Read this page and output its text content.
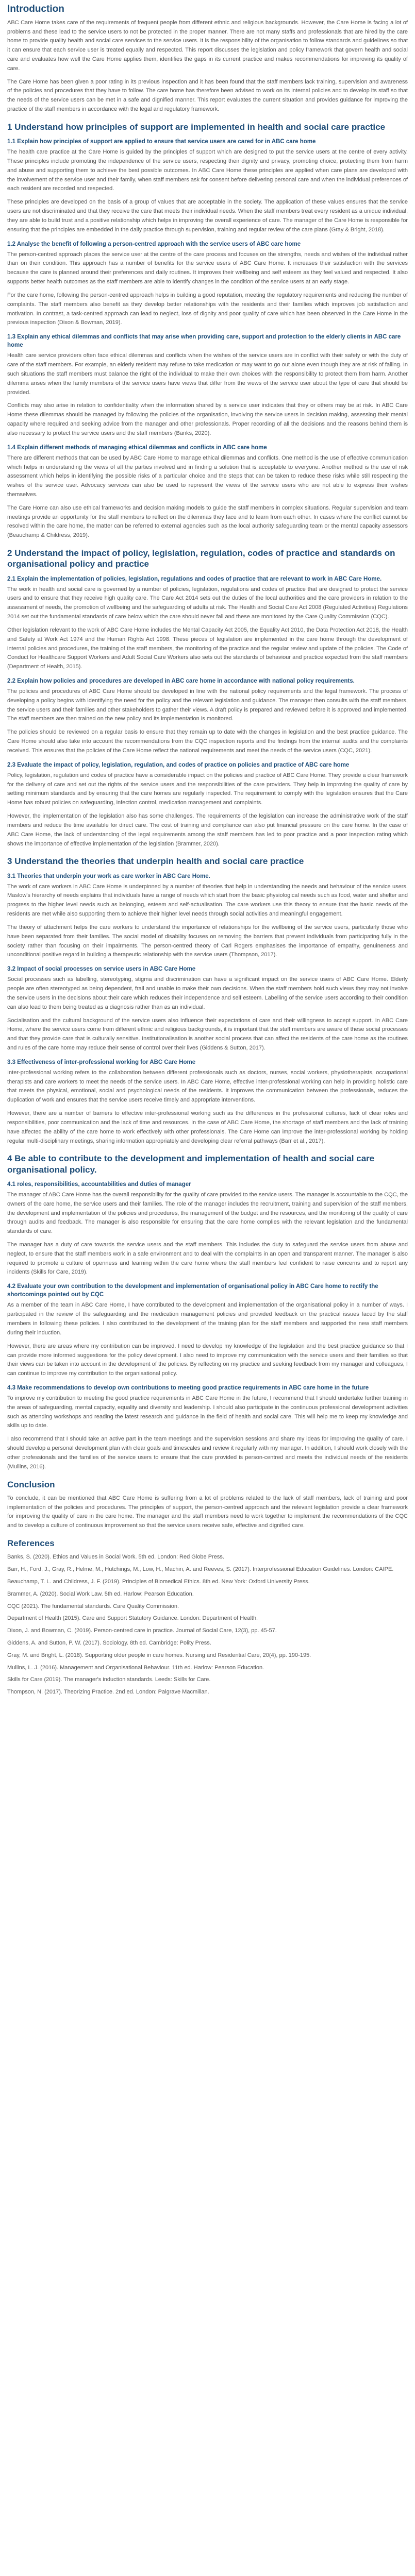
Introduction

ABC Care Home takes care of the requirements of frequent people from different ethnic and religious backgrounds. However, the Care Home is facing a lot of problems and these lead to the service users to not be protected in the proper manner. There are not many staffs and professionals that are hired by the care home to provide quality health and social care services to the service users. It is the responsibility of the organisation to follow standards and guidelines so that it can ensure that each service user is treated equally and respected. This report discusses the legislation and policy framework that govern health and social care and evaluates how well the Care Home applies them, identifies the gaps in its current practice and makes recommendations for improving its quality of care.

The Care Home has been given a poor rating in its previous inspection and it has been found that the staff members lack training, supervision and awareness of the policies and procedures that they have to follow. The care home has therefore been advised to work on its internal policies and to develop its staff so that the needs of the service users can be met in a safe and dignified manner. This report evaluates the current situation and provides guidance for improving the practice of the staff members in accordance with the legal and regulatory framework.

1 Understand how principles of support are implemented in health and social care practice
1.1 Explain how principles of support are applied to ensure that service users are cared for in ABC care home

The health care practice at the Care Home is guided by the principles of support which are designed to put the service users at the centre of every activity. These principles include promoting the independence of the service users, respecting their dignity and privacy, promoting choice, protecting them from harm and abuse and supporting them to achieve the best possible outcomes. In ABC Care Home these principles are applied when care plans are developed with the involvement of the service user and their family, when staff members ask for consent before delivering personal care and when the individual preferences of each resident are recorded and respected.

These principles are developed on the basis of a group of values that are acceptable in the society. The application of these values ensures that the service users are not discriminated and that they receive the care that meets their individual needs. When the staff members treat every resident as a unique individual, they are able to build trust and a positive relationship which helps in improving the overall experience of care. The manager of the Care Home is responsible for ensuring that the principles are embedded in the daily practice through supervision, training and regular review of the care plans (Gray & Bright, 2018).

1.2 Analyse the benefit of following a person-centred approach with the service users of ABC care home

The person-centred approach places the service user at the centre of the care process and focuses on the strengths, needs and wishes of the individual rather than on their condition. This approach has a number of benefits for the service users of ABC Care Home. It increases their satisfaction with the services because the care is planned around their preferences and daily routines. It improves their wellbeing and self esteem as they feel valued and respected. It also supports better health outcomes as the staff members are able to identify changes in the condition of the service users at an early stage.

For the care home, following the person-centred approach helps in building a good reputation, meeting the regulatory requirements and reducing the number of complaints. The staff members also benefit as they develop better relationships with the residents and their families which improves job satisfaction and motivation. In contrast, a task-centred approach can lead to neglect, loss of dignity and poor quality of care which has been observed in the Care Home in the previous inspection (Dixon & Bowman, 2019).

1.3 Explain any ethical dilemmas and conflicts that may arise when providing care, support and protection to the elderly clients in ABC care home

Health care service providers often face ethical dilemmas and conflicts when the wishes of the service users are in conflict with their safety or with the duty of care of the staff members. For example, an elderly resident may refuse to take medication or may want to go out alone even though they are at risk of falling. In such situations the staff members must balance the right of the individual to make their own choices with the responsibility to protect them from harm. Another dilemma arises when the family members of the service users have views that differ from the views of the service user about the type of care that should be provided.

Conflicts may also arise in relation to confidentiality when the information shared by a service user indicates that they or others may be at risk. In ABC Care Home these dilemmas should be managed by following the policies of the organisation, involving the service users in decision making, assessing their mental capacity where required and seeking advice from the manager and other professionals. Proper recording of all the decisions and the reasons behind them is also necessary to protect the service users and the staff members (Banks, 2020).

1.4 Explain different methods of managing ethical dilemmas and conflicts in ABC care home

There are different methods that can be used by ABC Care Home to manage ethical dilemmas and conflicts. One method is the use of effective communication which helps in understanding the views of all the parties involved and in finding a solution that is acceptable to everyone. Another method is the use of risk assessment which helps in identifying the possible risks of a particular choice and the steps that can be taken to reduce these risks while still respecting the wishes of the service user. Advocacy services can also be used to represent the views of the service users who are not able to express their wishes themselves.

The Care Home can also use ethical frameworks and decision making models to guide the staff members in complex situations. Regular supervision and team meetings provide an opportunity for the staff members to reflect on the dilemmas they face and to learn from each other. In cases where the conflict cannot be resolved within the care home, the matter can be referred to external agencies such as the local authority safeguarding team or the mental capacity assessors (Beauchamp & Childress, 2019).

2 Understand the impact of policy, legislation, regulation, codes of practice and standards on organisational policy and practice
2.1 Explain the implementation of policies, legislation, regulations and codes of practice that are relevant to work in ABC Care Home.

The work in health and social care is governed by a number of policies, legislation, regulations and codes of practice that are designed to protect the service users and to ensure that they receive high quality care. The Care Act 2014 sets out the duties of the local authorities and the care providers in relation to the assessment of needs, the promotion of wellbeing and the safeguarding of adults at risk. The Health and Social Care Act 2008 (Regulated Activities) Regulations 2014 set out the fundamental standards of care below which the care should never fall and these are monitored by the Care Quality Commission (CQC).

Other legislation relevant to the work of ABC Care Home includes the Mental Capacity Act 2005, the Equality Act 2010, the Data Protection Act 2018, the Health and Safety at Work Act 1974 and the Human Rights Act 1998. These pieces of legislation are implemented in the care home through the development of internal policies and procedures, the training of the staff members, the monitoring of the practice and the regular review and update of the policies. The Code of Conduct for Healthcare Support Workers and Adult Social Care Workers also sets out the standards of behaviour and practice expected from the staff members (Department of Health, 2015).

2.2 Explain how policies and procedures are developed in ABC care home in accordance with national policy requirements.

The policies and procedures of ABC Care Home should be developed in line with the national policy requirements and the legal framework. The process of developing a policy begins with identifying the need for the policy and the relevant legislation and guidance. The manager then consults with the staff members, the service users and their families and other stakeholders to gather their views. A draft policy is prepared and reviewed before it is approved and implemented. The staff members are then trained on the new policy and its implementation is monitored.

The policies should be reviewed on a regular basis to ensure that they remain up to date with the changes in legislation and the best practice guidance. The Care Home should also take into account the recommendations from the CQC inspection reports and the findings from the internal audits and the complaints received. This ensures that the policies of the Care Home reflect the national requirements and meet the needs of the service users (CQC, 2021).

2.3 Evaluate the impact of policy, legislation, regulation, and codes of practice on policies and practice of ABC care home

Policy, legislation, regulation and codes of practice have a considerable impact on the policies and practice of ABC Care Home. They provide a clear framework for the delivery of care and set out the rights of the service users and the responsibilities of the care providers. They help in improving the quality of care by setting minimum standards and by ensuring that the care homes are regularly inspected. The requirement to comply with the legislation ensures that the Care Home has robust policies on safeguarding, infection control, medication management and complaints.

However, the implementation of the legislation also has some challenges. The requirements of the legislation can increase the administrative work of the staff members and reduce the time available for direct care. The cost of training and compliance can also put financial pressure on the care home. In the case of ABC Care Home, the lack of understanding of the legal requirements among the staff members has led to poor practice and a poor inspection rating which shows the importance of effective implementation of the legislation (Brammer, 2020).

3 Understand the theories that underpin health and social care practice
3.1 Theories that underpin your work as care worker in ABC Care Home.

The work of care workers in ABC Care Home is underpinned by a number of theories that help in understanding the needs and behaviour of the service users. Maslow's hierarchy of needs explains that individuals have a range of needs which start from the basic physiological needs such as food, water and shelter and progress to the higher level needs such as belonging, esteem and self-actualisation. The care workers use this theory to ensure that the basic needs of the residents are met while also supporting them to achieve their higher level needs through social activities and meaningful engagement.

The theory of attachment helps the care workers to understand the importance of relationships for the wellbeing of the service users, particularly those who have been separated from their families. The social model of disability focuses on removing the barriers that prevent individuals from participating fully in the society rather than focusing on their impairments. The person-centred theory of Carl Rogers emphasises the importance of empathy, genuineness and unconditional positive regard in building a therapeutic relationship with the service users (Thompson, 2017).

3.2 Impact of social processes on service users in ABC Care Home

Social processes such as labelling, stereotyping, stigma and discrimination can have a significant impact on the service users of ABC Care Home. Elderly people are often stereotyped as being dependent, frail and unable to make their own decisions. When the staff members hold such views they may not involve the service users in the decisions about their care which reduces their independence and self esteem. Labelling of the service users according to their condition can also lead to them being treated as a diagnosis rather than as an individual.

Socialisation and the cultural background of the service users also influence their expectations of care and their willingness to accept support. In ABC Care Home, where the service users come from different ethnic and religious backgrounds, it is important that the staff members are aware of these social processes and that they provide care that is culturally sensitive. Institutionalisation is another social process that can affect the residents of the care home as the routines and rules of the care home may reduce their sense of control over their lives (Giddens & Sutton, 2017).

3.3 Effectiveness of inter-professional working for ABC Care Home

Inter-professional working refers to the collaboration between different professionals such as doctors, nurses, social workers, physiotherapists, occupational therapists and care workers to meet the needs of the service users. In ABC Care Home, effective inter-professional working can help in providing holistic care that meets the physical, emotional, social and psychological needs of the residents. It improves the communication between the professionals, reduces the duplication of work and ensures that the service users receive timely and appropriate interventions.

However, there are a number of barriers to effective inter-professional working such as the differences in the professional cultures, lack of clear roles and responsibilities, poor communication and the lack of time and resources. In the case of ABC Care Home, the shortage of staff members and the lack of training have affected the ability of the care home to work effectively with other professionals. The Care Home can improve the inter-professional working by holding regular multi-disciplinary meetings, sharing information appropriately and developing clear referral pathways (Barr et al., 2017).

4 Be able to contribute to the development and implementation of health and social care organisational policy.
4.1 roles, responsibilities, accountabilities and duties of manager

The manager of ABC Care Home has the overall responsibility for the quality of care provided to the service users. The manager is accountable to the CQC, the owners of the care home, the service users and their families. The role of the manager includes the recruitment, training and supervision of the staff members, the development and implementation of the policies and procedures, the management of the budget and the resources, and the monitoring of the quality of care through audits and feedback. The manager is also responsible for ensuring that the care home complies with the relevant legislation and the fundamental standards of care.

The manager has a duty of care towards the service users and the staff members. This includes the duty to safeguard the service users from abuse and neglect, to ensure that the staff members work in a safe environment and to deal with the complaints in an open and transparent manner. The manager is also required to promote a culture of openness and learning within the care home where the staff members feel confident to raise concerns and to report any incidents (Skills for Care, 2019).

4.2 Evaluate your own contribution to the development and implementation of organisational policy in ABC Care home to rectify the shortcomings pointed out by CQC

As a member of the team in ABC Care Home, I have contributed to the development and implementation of the organisational policy in a number of ways. I participated in the review of the safeguarding and the medication management policies and provided feedback on the practical issues faced by the staff members in following these policies. I also contributed to the development of the training plan for the staff members and supported the new staff members during their induction.

However, there are areas where my contribution can be improved. I need to develop my knowledge of the legislation and the best practice guidance so that I can provide more informed suggestions for the policy development. I also need to improve my communication with the service users and their families so that their views can be taken into account in the development of the policies. By reflecting on my practice and seeking feedback from my manager and colleagues, I can continue to improve my contribution to the organisational policy.

4.3 Make recommendations to develop own contributions to meeting good practice requirements in ABC care home in the future

To improve my contribution to meeting the good practice requirements in ABC Care Home in the future, I recommend that I should undertake further training in the areas of safeguarding, mental capacity, equality and diversity and leadership. I should also participate in the continuous professional development activities such as attending workshops and reading the latest research and guidance in the field of health and social care. This will help me to keep my knowledge and skills up to date.

I also recommend that I should take an active part in the team meetings and the supervision sessions and share my ideas for improving the quality of care. I should develop a personal development plan with clear goals and timescales and review it regularly with my manager. In addition, I should work closely with the other professionals and the families of the service users to ensure that the care provided is person-centred and meets the individual needs of the residents (Mullins, 2016).

Conclusion

To conclude, it can be mentioned that ABC Care Home is suffering from a lot of problems related to the lack of staff members, lack of training and poor implementation of the policies and procedures. The principles of support, the person-centred approach and the relevant legislation provide a clear framework for improving the quality of care in the care home. The manager and the staff members need to work together to implement the recommendations of the CQC and to develop a culture of continuous improvement so that the service users receive safe, effective and dignified care.

References

Banks, S. (2020). Ethics and Values in Social Work. 5th ed. London: Red Globe Press.

Barr, H., Ford, J., Gray, R., Helme, M., Hutchings, M., Low, H., Machin, A. and Reeves, S. (2017). Interprofessional Education Guidelines. London: CAIPE.

Beauchamp, T. L. and Childress, J. F. (2019). Principles of Biomedical Ethics. 8th ed. New York: Oxford University Press.

Brammer, A. (2020). Social Work Law. 5th ed. Harlow: Pearson Education.

CQC (2021). The fundamental standards. Care Quality Commission.

Department of Health (2015). Care and Support Statutory Guidance. London: Department of Health.

Dixon, J. and Bowman, C. (2019). Person-centred care in practice. Journal of Social Care, 12(3), pp. 45-57.

Giddens, A. and Sutton, P. W. (2017). Sociology. 8th ed. Cambridge: Polity Press.

Gray, M. and Bright, L. (2018). Supporting older people in care homes. Nursing and Residential Care, 20(4), pp. 190-195.

Mullins, L. J. (2016). Management and Organisational Behaviour. 11th ed. Harlow: Pearson Education.

Skills for Care (2019). The manager's induction standards. Leeds: Skills for Care.

Thompson, N. (2017). Theorizing Practice. 2nd ed. London: Palgrave Macmillan.
